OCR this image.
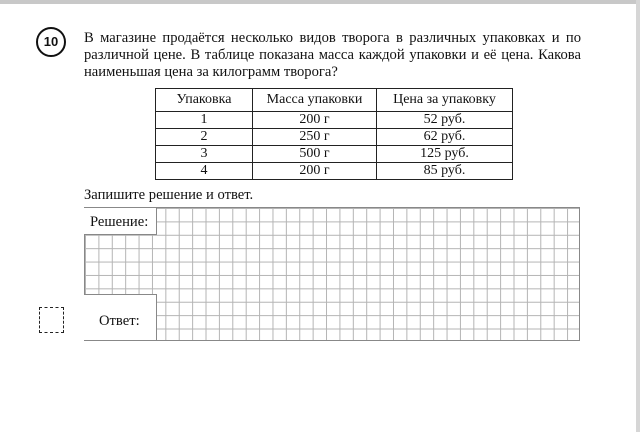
10	В магазине продаётся несколько видов творога в различных упаковках и по различной цене. В таблице показана масса каждой упаковки и её цена. Какова наименьшая цена за килограмм творога?

Упаковка	Масса упаковки	Цена за упаковку
1	200 г	52 руб.
2	250 г	62 руб.
3	500 г	125 руб.
4	200 г	85 руб.

Запишите решение и ответ.

Решение:
Ответ:
